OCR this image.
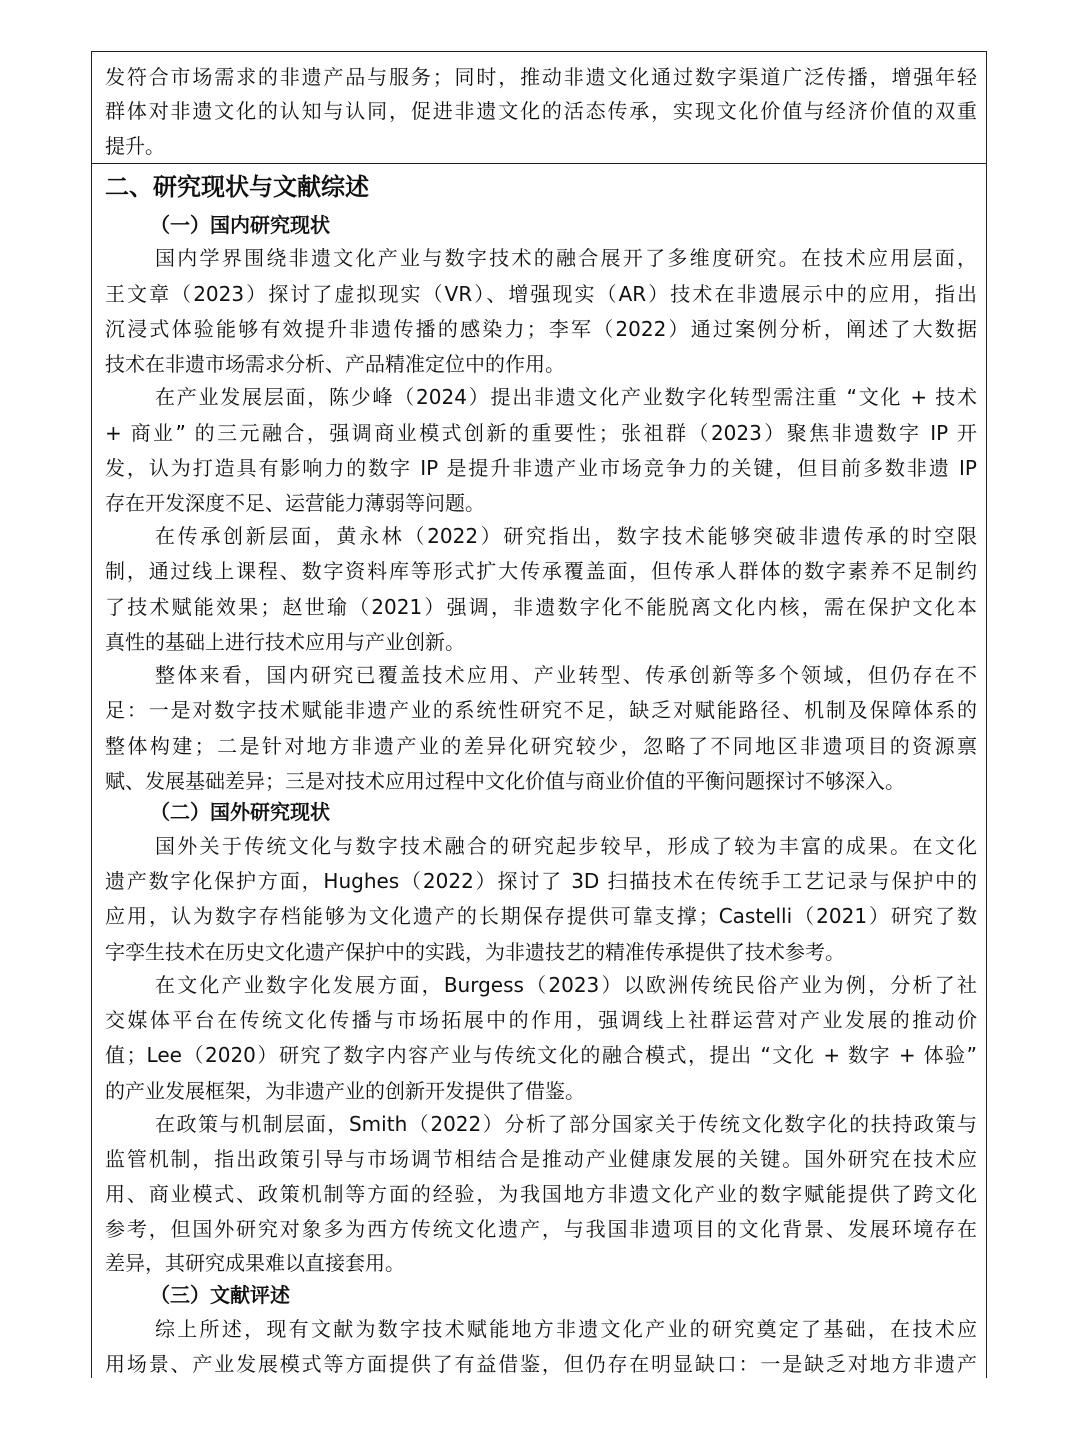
发符合市场需求的非遗产品与服务；同时，推动非遗文化通过数字渠道广泛传播，增强年轻
群体对非遗文化的认知与认同，促进非遗文化的活态传承，实现文化价值与经济价值的双重
提升。
二、研究现状与文献综述
（一）国内研究现状
国内学界围绕非遗文化产业与数字技术的融合展开了多维度研究。在技术应用层面，
王文章（2023）探讨了虚拟现实（VR）、增强现实（AR）技术在非遗展示中的应用，指出
沉浸式体验能够有效提升非遗传播的感染力；李军（2022）通过案例分析，阐述了大数据
技术在非遗市场需求分析、产品精准定位中的作用。
在产业发展层面，陈少峰（2024）提出非遗文化产业数字化转型需注重 “文化 + 技术
+ 商业” 的三元融合，强调商业模式创新的重要性；张祖群（2023）聚焦非遗数字 IP 开
发，认为打造具有影响力的数字 IP 是提升非遗产业市场竞争力的关键，但目前多数非遗 IP
存在开发深度不足、运营能力薄弱等问题。
在传承创新层面，黄永林（2022）研究指出，数字技术能够突破非遗传承的时空限
制，通过线上课程、数字资料库等形式扩大传承覆盖面，但传承人群体的数字素养不足制约
了技术赋能效果；赵世瑜（2021）强调，非遗数字化不能脱离文化内核，需在保护文化本
真性的基础上进行技术应用与产业创新。
整体来看，国内研究已覆盖技术应用、产业转型、传承创新等多个领域，但仍存在不
足：一是对数字技术赋能非遗产业的系统性研究不足，缺乏对赋能路径、机制及保障体系的
整体构建；二是针对地方非遗产业的差异化研究较少，忽略了不同地区非遗项目的资源禀
赋、发展基础差异；三是对技术应用过程中文化价值与商业价值的平衡问题探讨不够深入。
（二）国外研究现状
国外关于传统文化与数字技术融合的研究起步较早，形成了较为丰富的成果。在文化
遗产数字化保护方面，Hughes（2022）探讨了 3D 扫描技术在传统手工艺记录与保护中的
应用，认为数字存档能够为文化遗产的长期保存提供可靠支撑；Castelli（2021）研究了数
字孪生技术在历史文化遗产保护中的实践，为非遗技艺的精准传承提供了技术参考。
在文化产业数字化发展方面，Burgess（2023）以欧洲传统民俗产业为例，分析了社
交媒体平台在传统文化传播与市场拓展中的作用，强调线上社群运营对产业发展的推动价
值；Lee（2020）研究了数字内容产业与传统文化的融合模式，提出 “文化 + 数字 + 体验”
的产业发展框架，为非遗产业的创新开发提供了借鉴。
在政策与机制层面，Smith（2022）分析了部分国家关于传统文化数字化的扶持政策与
监管机制，指出政策引导与市场调节相结合是推动产业健康发展的关键。国外研究在技术应
用、商业模式、政策机制等方面的经验，为我国地方非遗文化产业的数字赋能提供了跨文化
参考，但国外研究对象多为西方传统文化遗产，与我国非遗项目的文化背景、发展环境存在
差异，其研究成果难以直接套用。
（三）文献评述
综上所述，现有文献为数字技术赋能地方非遗文化产业的研究奠定了基础，在技术应
用场景、产业发展模式等方面提供了有益借鉴，但仍存在明显缺口：一是缺乏对地方非遗产
